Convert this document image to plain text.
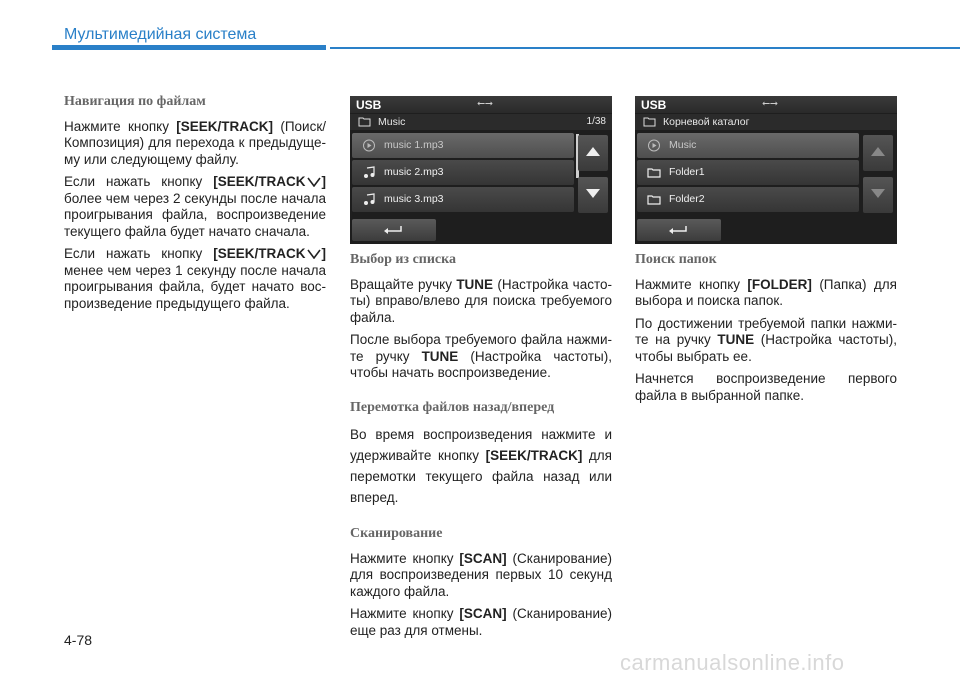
Мультимедийная система
Навигация по файлам

Нажмите кнопку [SEEK/TRACK] (Поиск/Композиция) для перехода к предыдуще-му или следующему файлу.

Если нажать кнопку [SEEK/TRACK ] более чем через 2 секунды после начала проигрывания файла, воспроизведение текущего файла будет начато сначала.

Если нажать кнопку [SEEK/TRACK ] менее чем через 1 секунду после начала проигрывания файла, будет начато вос-произведение предыдущего файла.

USB	⭠⭢
Music	1/38
music 1.mp3
music 2.mp3
music 3.mp3
USB	⭠⭢
Корневой каталог
Music
Folder1
Folder2
Выбор из списка

Вращайте ручку TUNE (Настройка часто-ты) вправо/влево для поиска требуемого файла.

После выбора требуемого файла нажми-те ручку TUNE (Настройка частоты), чтобы начать воспроизведение.

Перемотка файлов назад/вперед

Во время воспроизведения нажмите и удерживайте кнопку [SEEK/TRACK] для перемотки текущего файла назад или вперед.

Сканирование

Нажмите кнопку [SCAN] (Сканирование) для воспроизведения первых 10 секунд каждого файла.

Нажмите кнопку [SCAN] (Сканирование) еще раз для отмены.

Поиск папок

Нажмите кнопку [FOLDER] (Папка) для выбора и поиска папок.

По достижении требуемой папки нажми-те на ручку TUNE (Настройка частоты), чтобы выбрать ее.

Начнется воспроизведение первого файла в выбранной папке.

4-78
carmanualsonline.info
